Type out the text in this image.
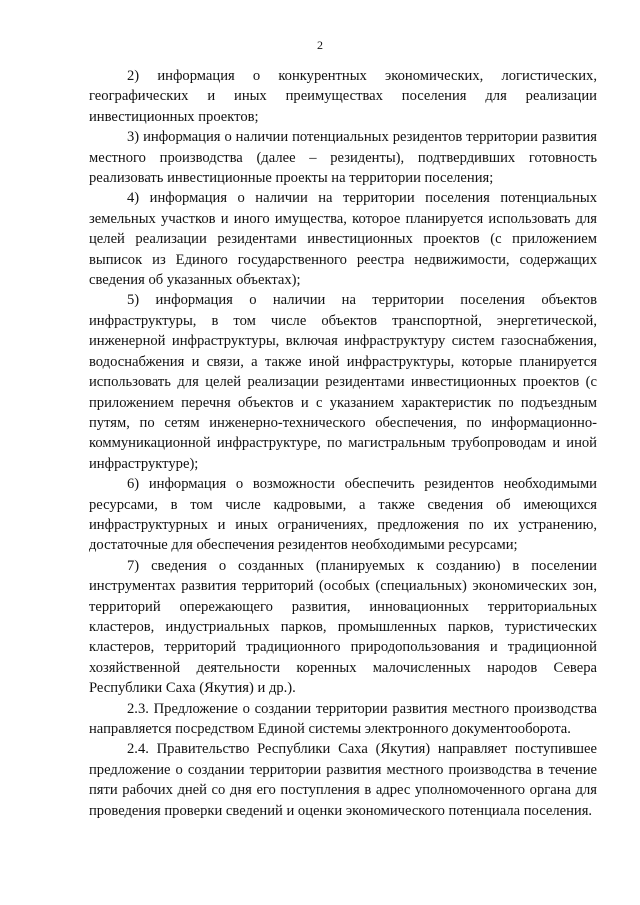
2

2) информация о конкурентных экономических, логистических, географических и иных преимуществах поселения для реализации инвестиционных проектов;

3) информация о наличии потенциальных резидентов территории развития местного производства (далее – резиденты), подтвердивших готовность реализовать инвестиционные проекты на территории поселения;

4) информация о наличии на территории поселения потенциальных земельных участков и иного имущества, которое планируется использовать для целей реализации резидентами инвестиционных проектов (с приложением выписок из Единого государственного реестра недвижимости, содержащих сведения об указанных объектах);

5) информация о наличии на территории поселения объектов инфраструктуры, в том числе объектов транспортной, энергетической, инженерной инфраструктуры, включая инфраструктуру систем газоснабжения, водоснабжения и связи, а также иной инфраструктуры, которые планируется использовать для целей реализации резидентами инвестиционных проектов (с приложением перечня объектов и с указанием характеристик по подъездным путям, по сетям инженерно-технического обеспечения, по информационно-коммуникационной инфраструктуре, по магистральным трубопроводам и иной инфраструктуре);

6) информация о возможности обеспечить резидентов необходимыми ресурсами, в том числе кадровыми, а также сведения об имеющихся инфраструктурных и иных ограничениях, предложения по их устранению, достаточные для обеспечения резидентов необходимыми ресурсами;

7) сведения о созданных (планируемых к созданию) в поселении инструментах развития территорий (особых (специальных) экономических зон, территорий опережающего развития, инновационных территориальных кластеров, индустриальных парков, промышленных парков, туристических кластеров, территорий традиционного природопользования и традиционной хозяйственной деятельности коренных малочисленных народов Севера Республики Саха (Якутия) и др.).

2.3. Предложение о создании территории развития местного производства направляется посредством Единой системы электронного документооборота.

2.4. Правительство Республики Саха (Якутия) направляет поступившее предложение о создании территории развития местного производства в течение пяти рабочих дней со дня его поступления в адрес уполномоченного органа для проведения проверки сведений и оценки экономического потенциала поселения.
